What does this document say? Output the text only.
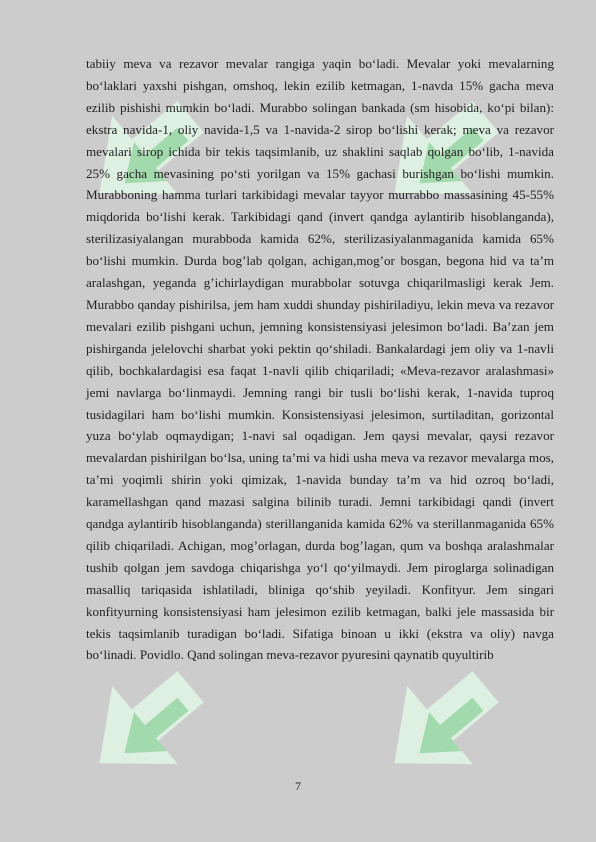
tabiiy meva va rezavor mevalar rangiga yaqin bo‘ladi. Mevalar yoki mevalarning bo‘laklari yaxshi pishgan, omshoq, lekin ezilib ketmagan, 1-navda 15% gacha meva ezilib pishishi mumkin bo‘ladi. Murabbo solingan bankada (sm hisobida, ko‘pi bilan): ekstra navida-1, oliy navida-1,5 va 1-navida-2 sirop bo‘lishi kerak; meva va rezavor mevalari sirop ichida bir tekis taqsimlanib, uz shaklini saqlab qolgan bo‘lib, 1-navida 25% gacha mevasining po‘sti yorilgan va 15% gachasi burishgan bo‘lishi mumkin. Murabboning hamma turlari tarkibidagi mevalar tayyor murrabbo massasining 45-55% miqdorida bo‘lishi kerak. Tarkibidagi qand (invert qandga aylantirib hisoblanganda), sterilizasiyalangan murabboda kamida 62%, sterilizasiyalanmaganida kamida 65% bo‘lishi mumkin. Durda bog’lab qolgan, achigan,mog’or bosgan, begona hid va ta’m aralashgan, yeganda g’ichirlaydigan murabbolar sotuvga chiqarilmasligi kerak Jem. Murabbo qanday pishirilsa, jem ham xuddi shunday pishiriladiyu, lekin meva va rezavor mevalari ezilib pishgani uchun, jemning konsistensiyasi jelesimon bo‘ladi. Ba’zan jem pishirganda jelelovchi sharbat yoki pektin qo‘shiladi. Bankalardagi jem oliy va 1-navli qilib, bochkalardagisi esa faqat 1-navli qilib chiqariladi; «Meva-rezavor aralashmasi» jemi navlarga bo‘linmaydi. Jemning rangi bir tusli bo‘lishi kerak, 1-navida tuproq tusidagilari ham bo‘lishi mumkin. Konsistensiyasi jelesimon, surtiladitan, gorizontal yuza bo‘ylab oqmaydigan; 1-navi sal oqadigan. Jem qaysi mevalar, qaysi rezavor mevalardan pishirilgan bo‘lsa, uning ta’mi va hidi usha meva va rezavor mevalarga mos, ta’mi yoqimli shirin yoki qimizak, 1-navida bunday ta’m va hid ozroq bo‘ladi, karamellashgan qand mazasi salgina bilinib turadi. Jemni tarkibidagi qandi (invert qandga aylantirib hisoblanganda) sterillanganida kamida 62% va sterillanmaganida 65% qilib chiqariladi. Achigan, mog’orlagan, durda bog’lagan, qum va boshqa aralashmalar tushib qolgan jem savdoga chiqarishga yo‘l qo‘yilmaydi. Jem piroglarga solinadigan masalliq tariqasida ishlatiladi, bliniga qo‘shib yeyiladi. Konfityur. Jem singari konfityurning konsistensiyasi ham jelesimon ezilib ketmagan, balki jele massasida bir tekis taqsimlanib turadigan bo‘ladi. Sifatiga binoan u ikki (ekstra va oliy) navga bo‘linadi. Povidlo. Qand solingan meva-rezavor pyuresini qaynatib quyultirib

7
